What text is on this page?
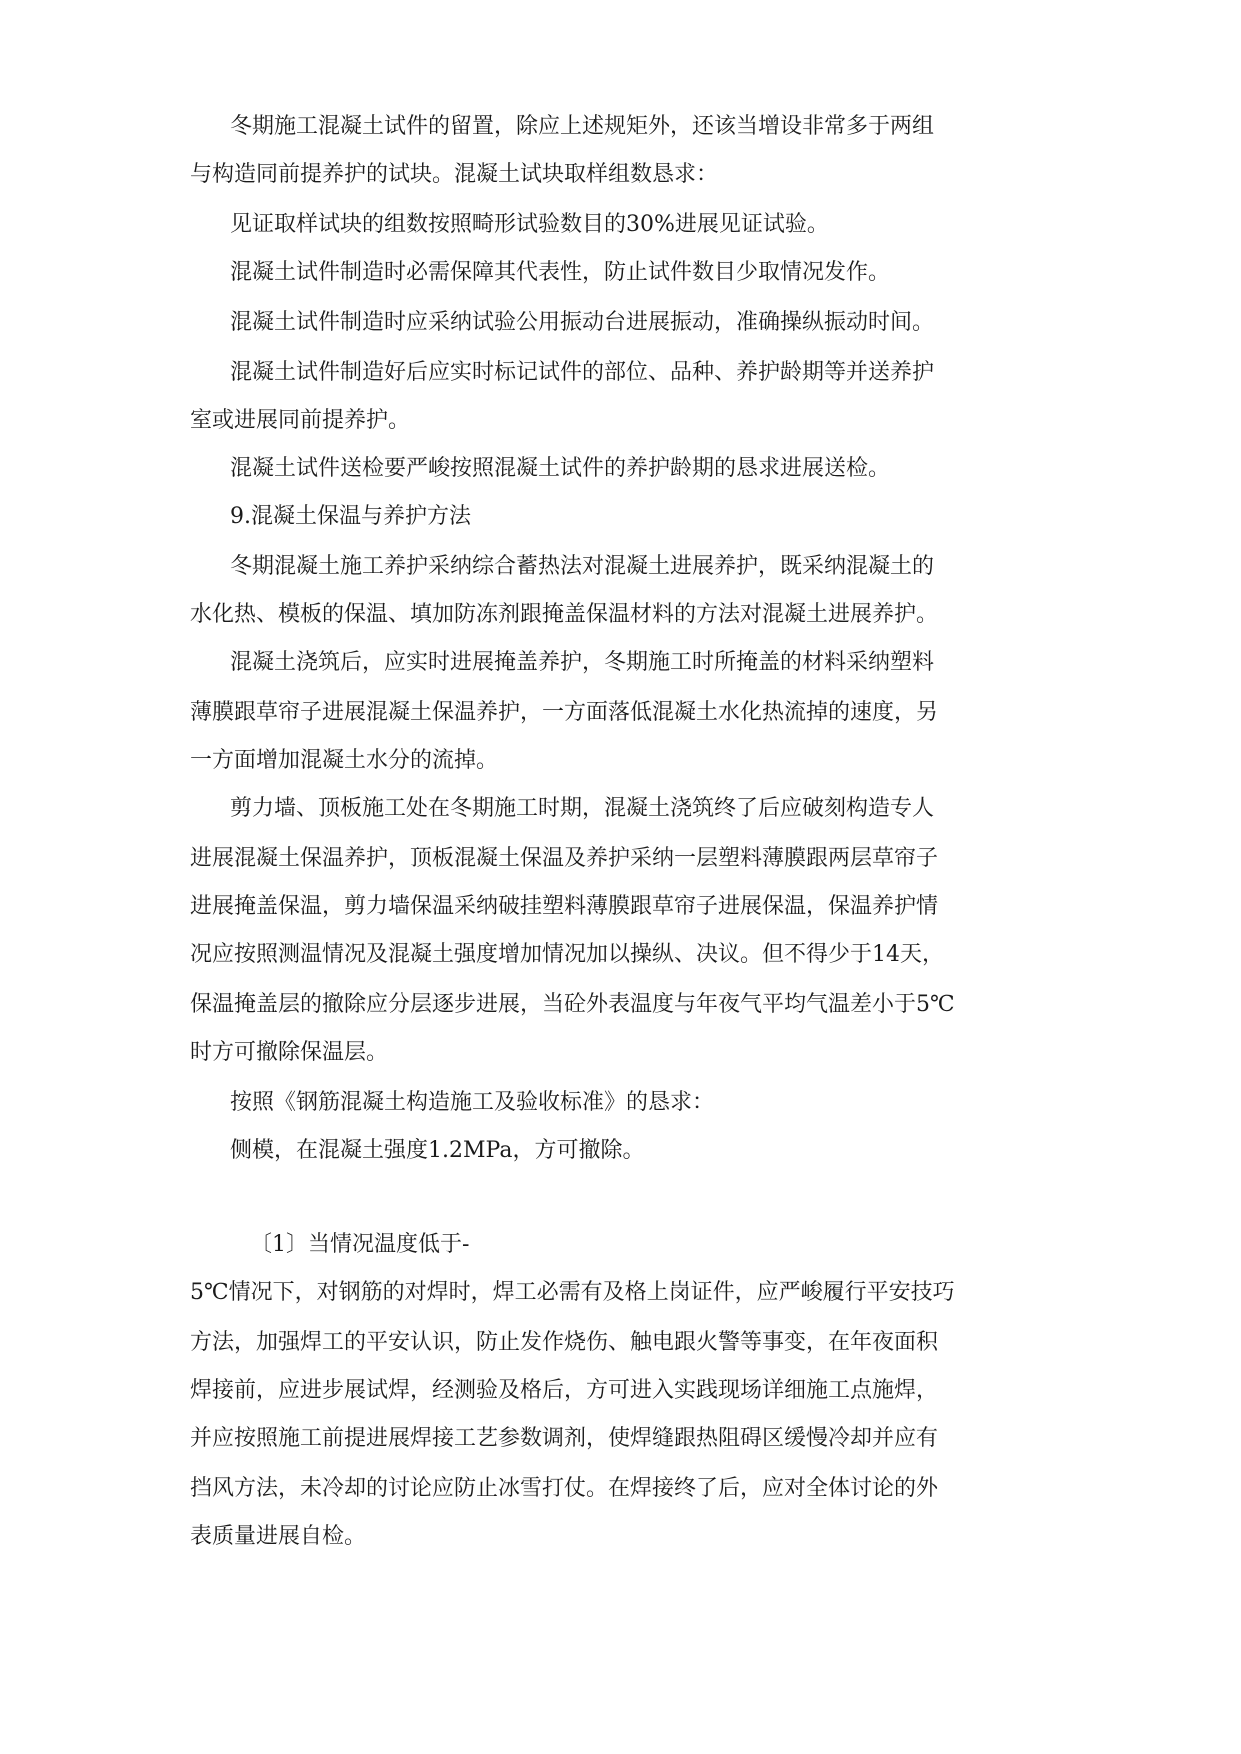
冬期施工混凝土试件的留置，除应上述规矩外，还该当增设非常多于两组
与构造同前提养护的试块。混凝土试块取样组数恳求：
见证取样试块的组数按照畸形试验数目的30%进展见证试验。
混凝土试件制造时必需保障其代表性，防止试件数目少取情况发作。
混凝土试件制造时应采纳试验公用振动台进展振动，准确操纵振动时间。
混凝土试件制造好后应实时标记试件的部位、品种、养护龄期等并送养护
室或进展同前提养护。
混凝土试件送检要严峻按照混凝土试件的养护龄期的恳求进展送检。
9.混凝土保温与养护方法
冬期混凝土施工养护采纳综合蓄热法对混凝土进展养护，既采纳混凝土的
水化热、模板的保温、填加防冻剂跟掩盖保温材料的方法对混凝土进展养护。
混凝土浇筑后，应实时进展掩盖养护，冬期施工时所掩盖的材料采纳塑料
薄膜跟草帘子进展混凝土保温养护，一方面落低混凝土水化热流掉的速度，另
一方面增加混凝土水分的流掉。
剪力墙、顶板施工处在冬期施工时期，混凝土浇筑终了后应破刻构造专人
进展混凝土保温养护，顶板混凝土保温及养护采纳一层塑料薄膜跟两层草帘子
进展掩盖保温，剪力墙保温采纳破挂塑料薄膜跟草帘子进展保温，保温养护情
况应按照测温情况及混凝土强度增加情况加以操纵、决议。但不得少于14天，
保温掩盖层的撤除应分层逐步进展，当砼外表温度与年夜气平均气温差小于5℃
时方可撤除保温层。
按照《钢筋混凝土构造施工及验收标准》的恳求：
侧模，在混凝土强度1.2MPa，方可撤除。
〔1〕当情况温度低于-
5℃情况下，对钢筋的对焊时，焊工必需有及格上岗证件，应严峻履行平安技巧
方法，加强焊工的平安认识，防止发作烧伤、触电跟火警等事变，在年夜面积
焊接前，应进步展试焊，经测验及格后，方可进入实践现场详细施工点施焊，
并应按照施工前提进展焊接工艺参数调剂，使焊缝跟热阻碍区缓慢冷却并应有
挡风方法，未冷却的讨论应防止冰雪打仗。在焊接终了后，应对全体讨论的外
表质量进展自检。
